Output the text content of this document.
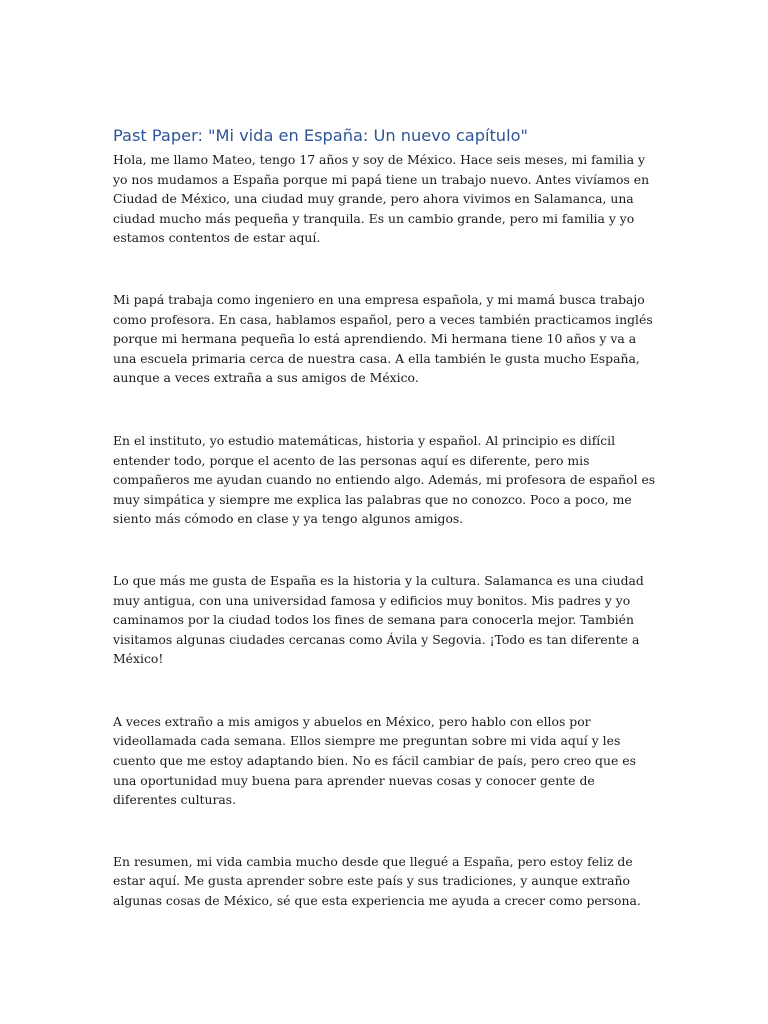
Past Paper: "Mi vida en España: Un nuevo capítulo"

Hola, me llamo Mateo, tengo 17 años y soy de México. Hace seis meses, mi familia y yo nos mudamos a España porque mi papá tiene un trabajo nuevo. Antes vivíamos en Ciudad de México, una ciudad muy grande, pero ahora vivimos en Salamanca, una ciudad mucho más pequeña y tranquila. Es un cambio grande, pero mi familia y yo estamos contentos de estar aquí.

Mi papá trabaja como ingeniero en una empresa española, y mi mamá busca trabajo como profesora. En casa, hablamos español, pero a veces también practicamos inglés porque mi hermana pequeña lo está aprendiendo. Mi hermana tiene 10 años y va a una escuela primaria cerca de nuestra casa. A ella también le gusta mucho España, aunque a veces extraña a sus amigos de México.

En el instituto, yo estudio matemáticas, historia y español. Al principio es difícil entender todo, porque el acento de las personas aquí es diferente, pero mis compañeros me ayudan cuando no entiendo algo. Además, mi profesora de español es muy simpática y siempre me explica las palabras que no conozco. Poco a poco, me siento más cómodo en clase y ya tengo algunos amigos.

Lo que más me gusta de España es la historia y la cultura. Salamanca es una ciudad muy antigua, con una universidad famosa y edificios muy bonitos. Mis padres y yo caminamos por la ciudad todos los fines de semana para conocerla mejor. También visitamos algunas ciudades cercanas como Ávila y Segovia. ¡Todo es tan diferente a México!

A veces extraño a mis amigos y abuelos en México, pero hablo con ellos por videollamada cada semana. Ellos siempre me preguntan sobre mi vida aquí y les cuento que me estoy adaptando bien. No es fácil cambiar de país, pero creo que es una oportunidad muy buena para aprender nuevas cosas y conocer gente de diferentes culturas.

En resumen, mi vida cambia mucho desde que llegué a España, pero estoy feliz de estar aquí. Me gusta aprender sobre este país y sus tradiciones, y aunque extraño algunas cosas de México, sé que esta experiencia me ayuda a crecer como persona.
